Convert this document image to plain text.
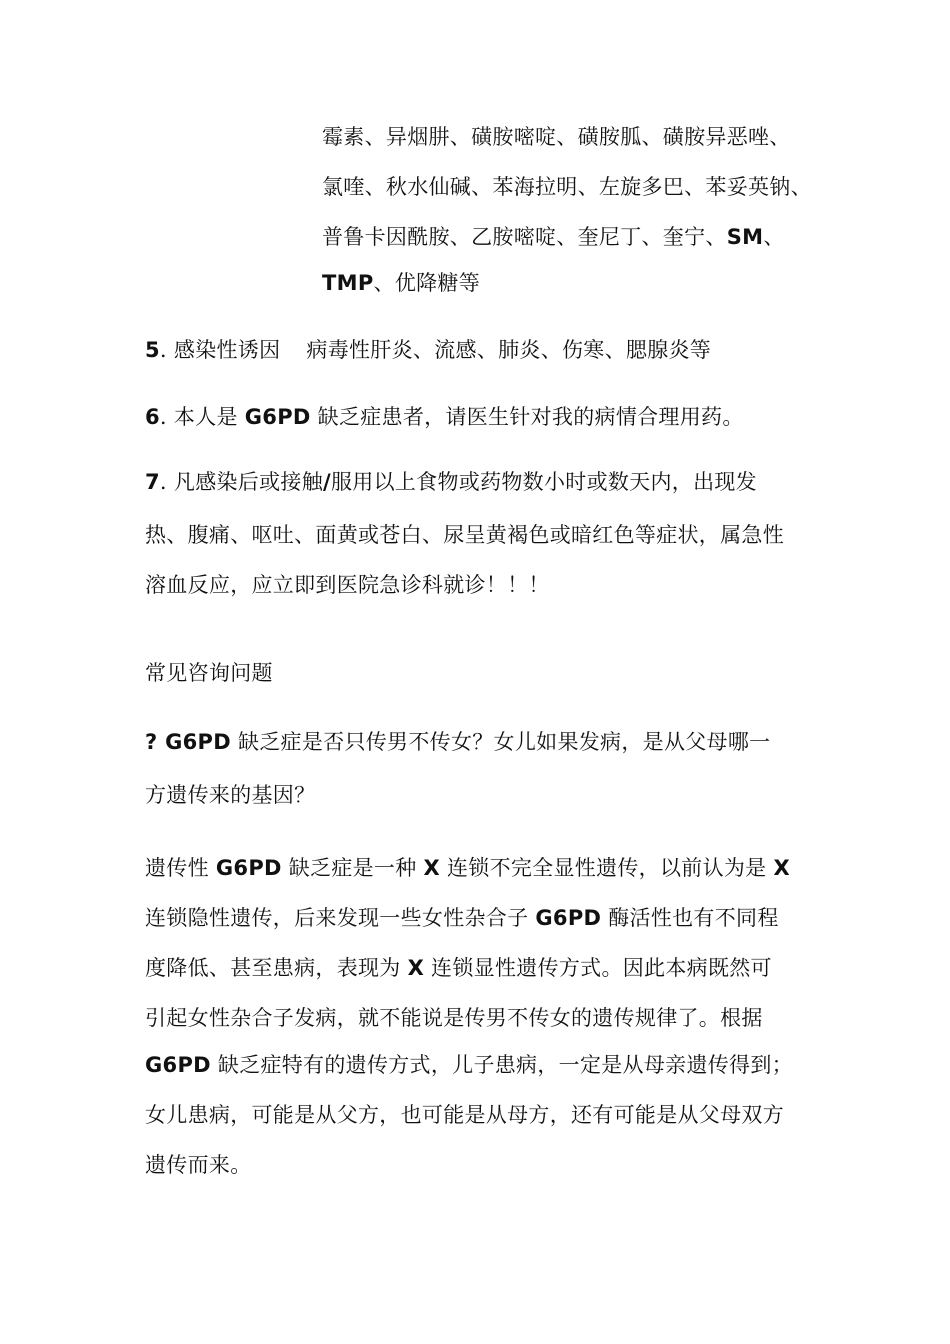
霉素、异烟肼、磺胺嘧啶、磺胺胍、磺胺异恶唑、
氯喹、秋水仙碱、苯海拉明、左旋多巴、苯妥英钠、
普鲁卡因酰胺、乙胺嘧啶、奎尼丁、奎宁、SM、
TMP、优降糖等
5. 感染性诱因 病毒性肝炎、流感、肺炎、伤寒、腮腺炎等
6. 本人是 G6PD 缺乏症患者，请医生针对我的病情合理用药。
7. 凡感染后或接触/服用以上食物或药物数小时或数天内，出现发
热、腹痛、呕吐、面黄或苍白、尿呈黄褐色或暗红色等症状，属急性
溶血反应，应立即到医院急诊科就诊！！！
常见咨询问题
? G6PD 缺乏症是否只传男不传女？女儿如果发病，是从父母哪一
方遗传来的基因？
遗传性 G6PD 缺乏症是一种 X 连锁不完全显性遗传，以前认为是 X
连锁隐性遗传，后来发现一些女性杂合子 G6PD 酶活性也有不同程
度降低、甚至患病，表现为 X 连锁显性遗传方式。因此本病既然可
引起女性杂合子发病，就不能说是传男不传女的遗传规律了。根据
G6PD 缺乏症特有的遗传方式，儿子患病，一定是从母亲遗传得到；
女儿患病，可能是从父方，也可能是从母方，还有可能是从父母双方
遗传而来。
